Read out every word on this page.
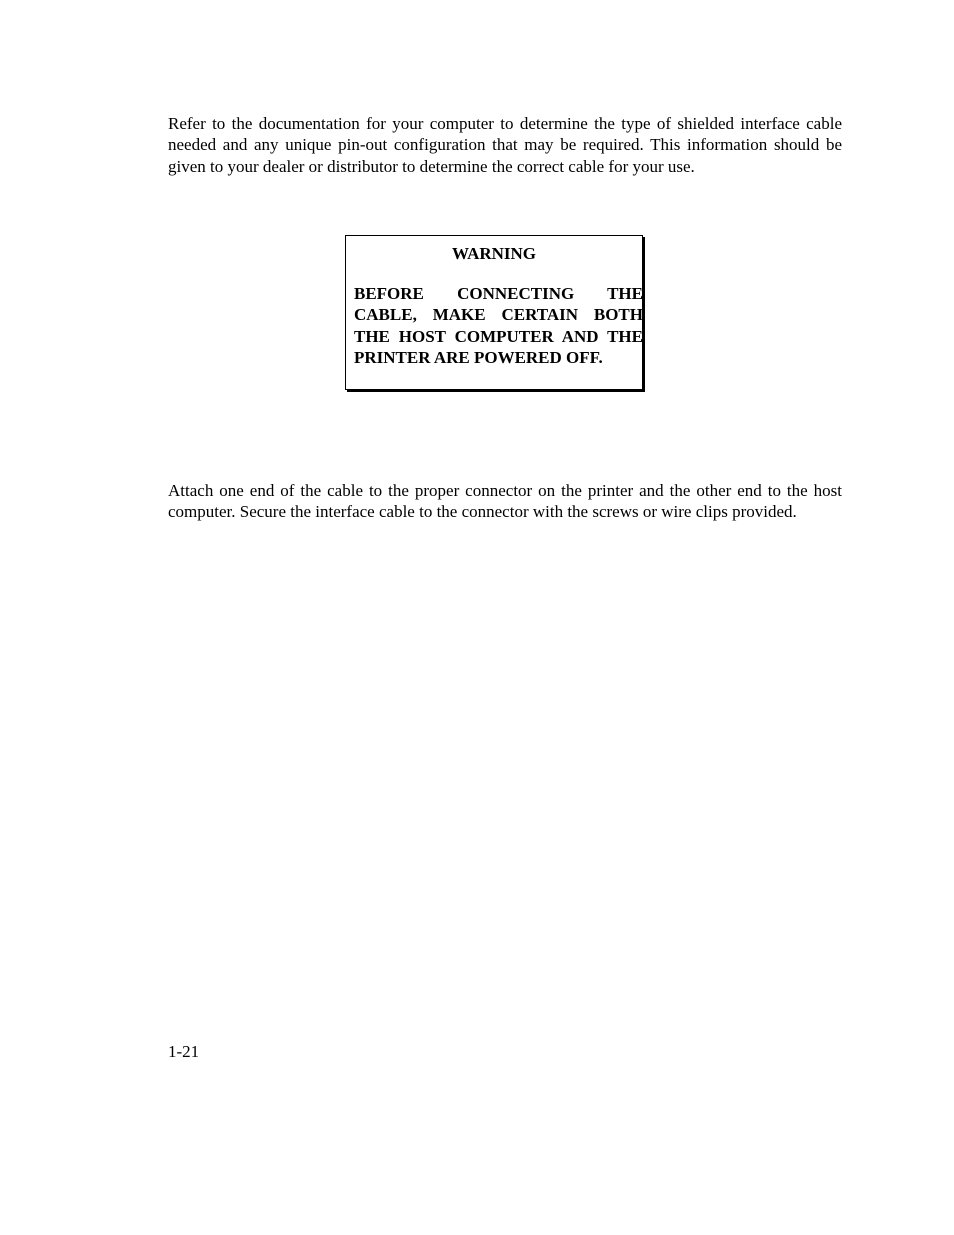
Refer to the documentation for your computer to determine the type of shielded interface cable needed and any unique pin-out configuration that may be required. This information should be given to your dealer or distributor to determine the correct cable for your use.

WARNING

BEFORE CONNECTING THE CABLE, MAKE CERTAIN BOTH THE HOST COMPUTER AND THE PRINTER ARE POWERED OFF.

Attach one end of the cable to the proper connector on the printer and the other end to the host computer. Secure the interface cable to the connector with the screws or wire clips provided.

1-21
